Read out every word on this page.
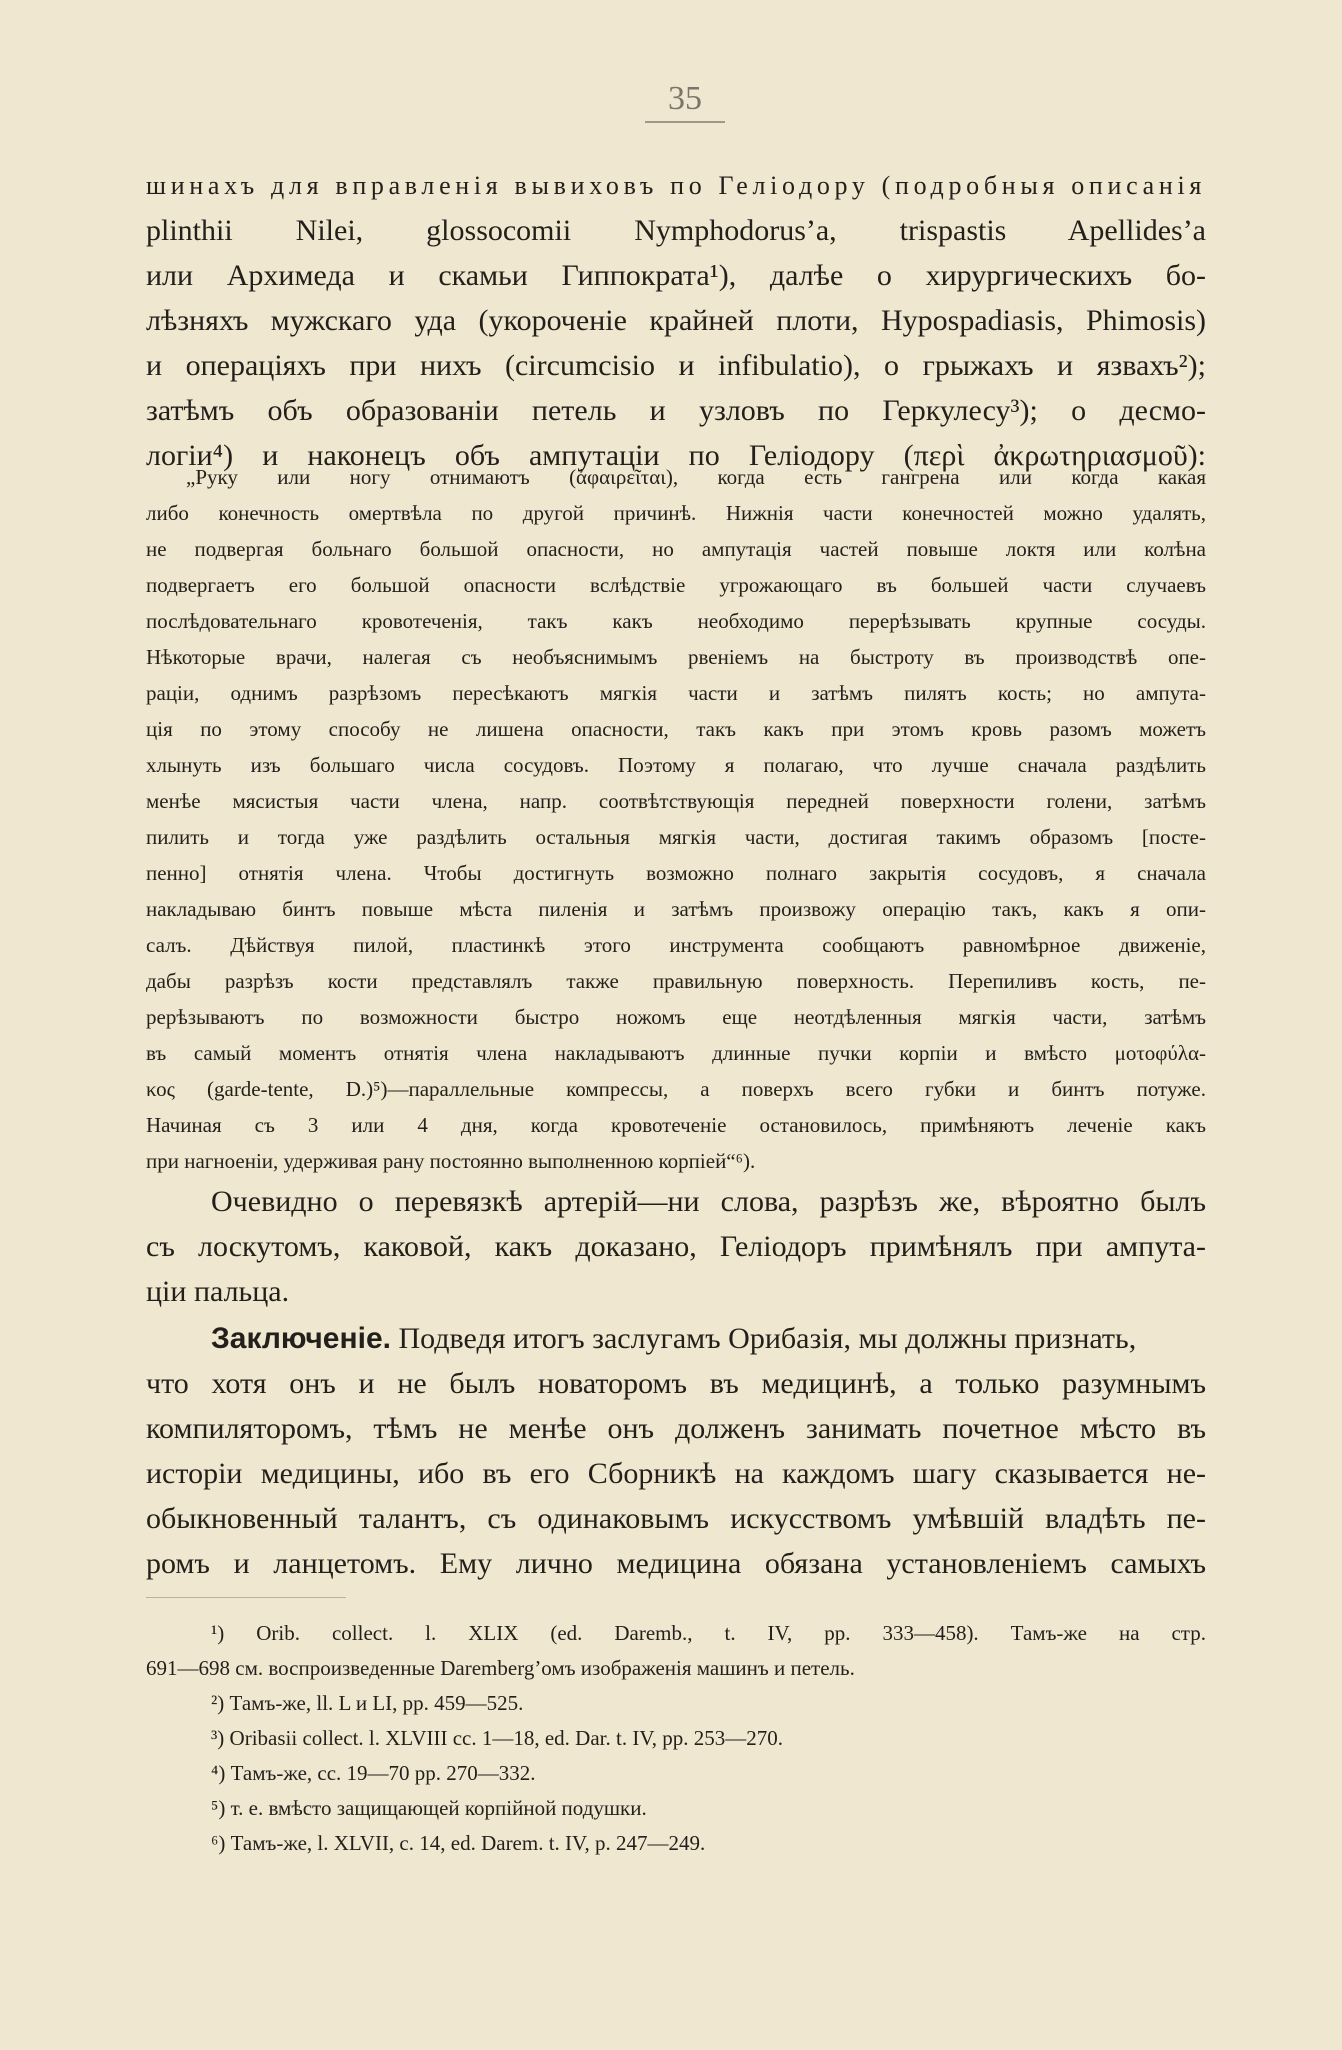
35
шинахъ для вправленія вывиховъ по Геліодору (подробныя описанія
plinthii Nilei, glossocomii Nymphodorus’a, trispastis Apellides’a
или Архимеда и скамьи Гиппократа¹), далѣе о хирургическихъ бо-
лѣзняхъ мужскаго уда (укороченіе крайней плоти, Hypospadiasis, Phimosis)
и операціяхъ при нихъ (circumcisio и infibulatio), о грыжахъ и язвахъ²);
затѣмъ объ образованіи петель и узловъ по Геркулесу³); о десмо-
логіи⁴) и наконецъ объ ампутаціи по Геліодору (περὶ ἀκρωτηριασμοῦ):
„Руку или ногу отнимаютъ (ἀφαιρεῖται), когда есть гангрена или когда какая
либо конечность омертвѣла по другой причинѣ. Нижнія части конечностей можно удалять,
не подвергая больнаго большой опасности, но ампутація частей повыше локтя или колѣна
подвергаетъ его большой опасности вслѣдствіе угрожающаго въ большей части случаевъ
послѣдовательнаго кровотеченія, такъ какъ необходимо перерѣзывать крупные сосуды.
Нѣкоторые врачи, налегая съ необъяснимымъ рвеніемъ на быстроту въ производствѣ опе-
раціи, однимъ разрѣзомъ пересѣкаютъ мягкія части и затѣмъ пилятъ кость; но ампута-
ція по этому способу не лишена опасности, такъ какъ при этомъ кровь разомъ можетъ
хлынуть изъ большаго числа сосудовъ. Поэтому я полагаю, что лучше сначала раздѣлить
менѣе мясистыя части члена, напр. соотвѣтствующія передней поверхности голени, затѣмъ
пилить и тогда уже раздѣлить остальныя мягкія части, достигая такимъ образомъ [посте-
пенно] отнятія члена. Чтобы достигнуть возможно полнаго закрытія сосудовъ, я сначала
накладываю бинтъ повыше мѣста пиленія и затѣмъ произвожу операцію такъ, какъ я опи-
салъ. Дѣйствуя пилой, пластинкѣ этого инструмента сообщаютъ равномѣрное движеніе,
дабы разрѣзъ кости представлялъ также правильную поверхность. Перепиливъ кость, пе-
рерѣзываютъ по возможности быстро ножомъ еще неотдѣленныя мягкія части, затѣмъ
въ самый моментъ отнятія члена накладываютъ длинные пучки корпіи и вмѣсто μοτοφύλα-
κος (garde-tente, D.)⁵)—параллельные компрессы, а поверхъ всего губки и бинтъ потуже.
Начиная съ 3 или 4 дня, когда кровотеченіе остановилось, примѣняютъ леченіе какъ
при нагноеніи, удерживая рану постоянно выполненною корпіей“⁶).
Очевидно о перевязкѣ артерій—ни слова, разрѣзъ же, вѣроятно былъ
съ лоскутомъ, каковой, какъ доказано, Геліодоръ примѣнялъ при ампута-
ціи пальца.
Заключеніе. Подведя итогъ заслугамъ Орибазія, мы должны признать,
что хотя онъ и не былъ новаторомъ въ медицинѣ, а только разумнымъ
компиляторомъ, тѣмъ не менѣе онъ долженъ занимать почетное мѣсто въ
исторіи медицины, ибо въ его Сборникѣ на каждомъ шагу сказывается не-
обыкновенный талантъ, съ одинаковымъ искусствомъ умѣвшій владѣть пе-
ромъ и ланцетомъ. Ему лично медицина обязана установленіемъ самыхъ
¹) Orib. collect. l. XLIX (ed. Daremb., t. IV, pp. 333—458). Тамъ-же на стр.
691—698 см. воспроизведенные Daremberg’омъ изображенія машинъ и петель.
²) Тамъ-же, ll. L и LI, pp. 459—525.
³) Oribasii collect. l. XLVIII cc. 1—18, ed. Dar. t. IV, pp. 253—270.
⁴) Тамъ-же, cc. 19—70 pp. 270—332.
⁵) т. е. вмѣсто защищающей корпійной подушки.
⁶) Тамъ-же, l. XLVII, c. 14, ed. Darem. t. IV, p. 247—249.
